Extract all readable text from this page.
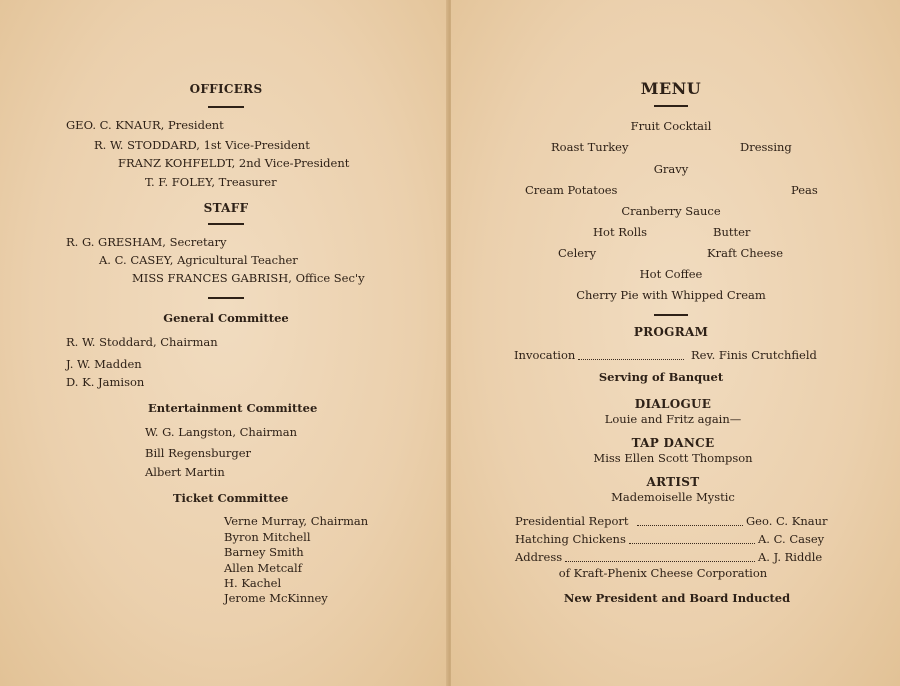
OFFICERS
GEO. C. KNAUR, President
R. W. STODDARD, 1st Vice-President
FRANZ KOHFELDT, 2nd Vice-President
T. F. FOLEY, Treasurer
STAFF
R. G. GRESHAM, Secretary
A. C. CASEY, Agricultural Teacher
MISS FRANCES GABRISH, Office Sec'y
General Committee
R. W. Stoddard, Chairman
J. W. Madden
D. K. Jamison
Entertainment Committee
W. G. Langston, Chairman
Bill Regensburger
Albert Martin
Ticket Committee
Verne Murray, Chairman
Byron Mitchell
Barney Smith
Allen Metcalf
H. Kachel
Jerome McKinney
MENU
Fruit Cocktail
Roast Turkey	Dressing
Gravy
Cream Potatoes	Peas
Cranberry Sauce
Hot Rolls	Butter
Celery	Kraft Cheese
Hot Coffee
Cherry Pie with Whipped Cream
PROGRAM
Invocation	Rev. Finis Crutchfield
Serving of Banquet
DIALOGUE
Louie and Fritz again—
TAP DANCE
Miss Ellen Scott Thompson
ARTIST
Mademoiselle Mystic
Presidential Report	Geo. C. Knaur
Hatching Chickens	A. C. Casey
Address	A. J. Riddle
of Kraft-Phenix Cheese Corporation
New President and Board Inducted
